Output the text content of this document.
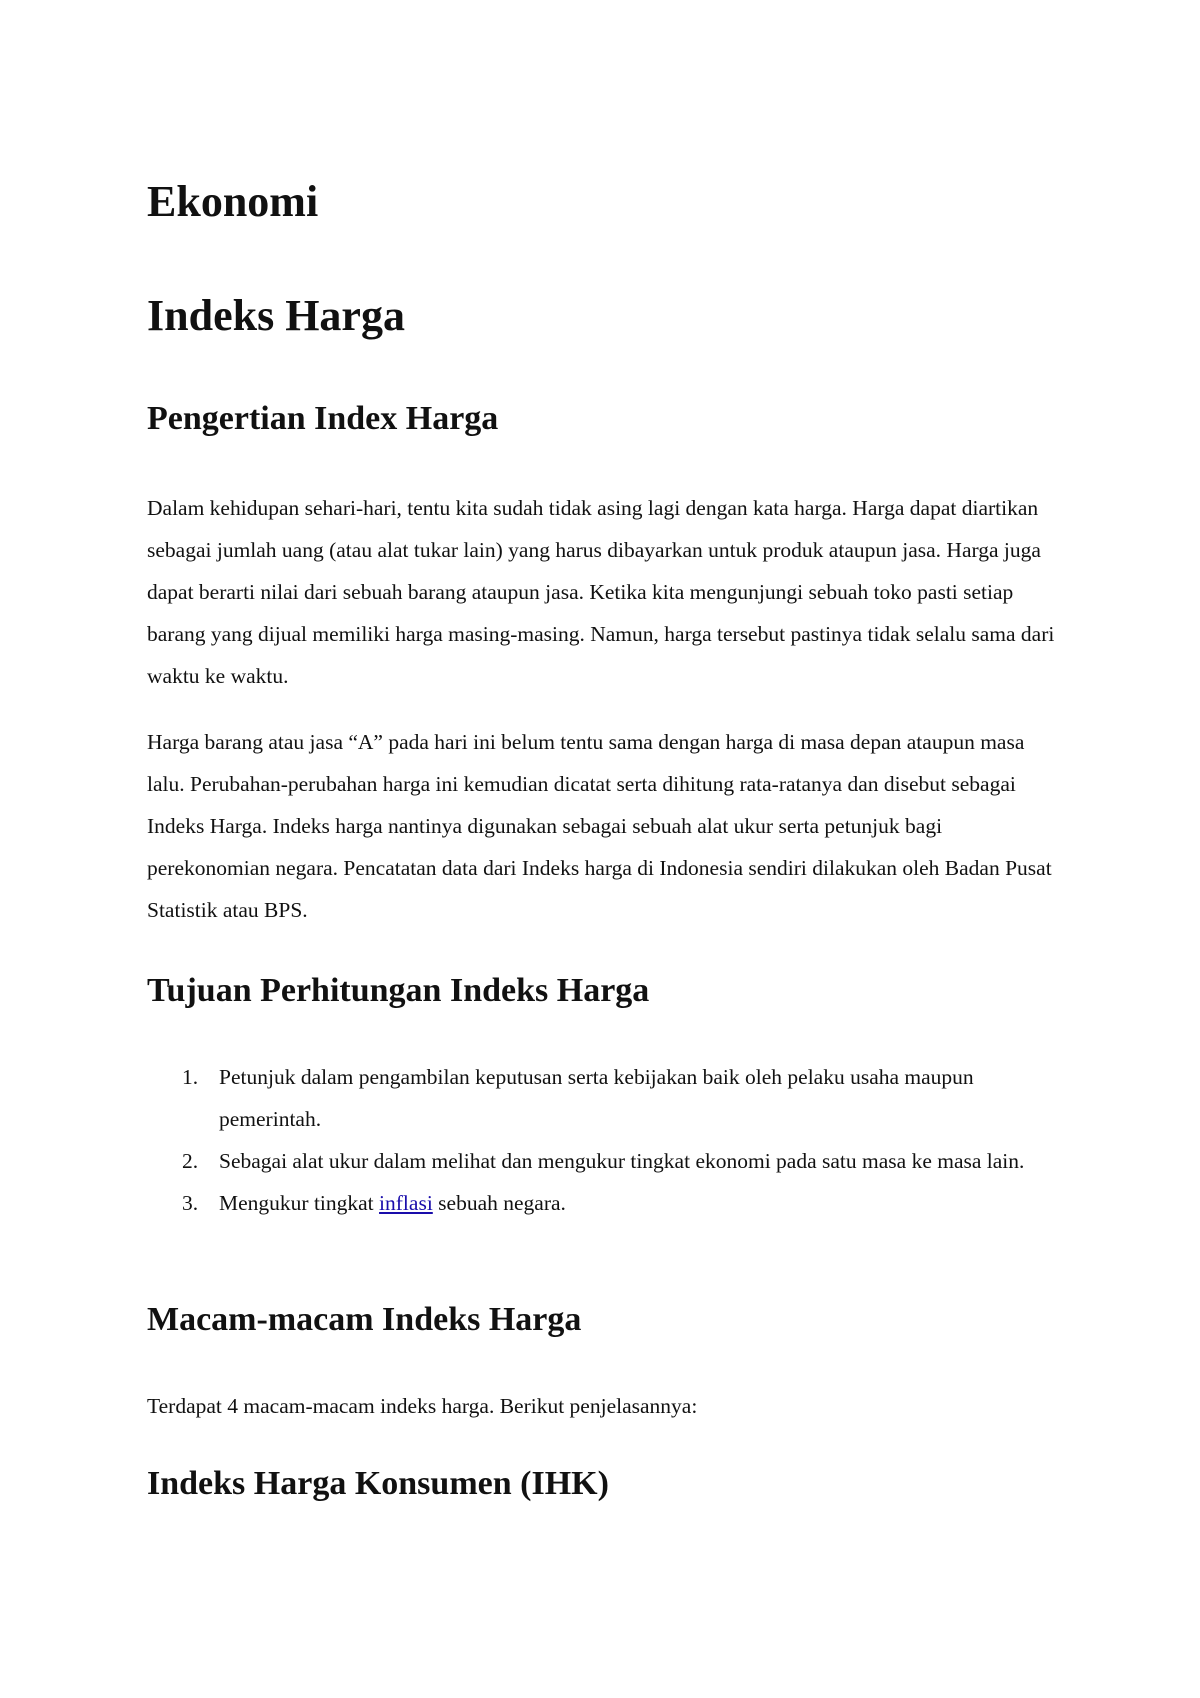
Ekonomi
Indeks Harga
Pengertian Index Harga

Dalam kehidupan sehari-hari, tentu kita sudah tidak asing lagi dengan kata harga. Harga dapat diartikan sebagai jumlah uang (atau alat tukar lain) yang harus dibayarkan untuk produk ataupun jasa. Harga juga dapat berarti nilai dari sebuah barang ataupun jasa. Ketika kita mengunjungi sebuah toko pasti setiap barang yang dijual memiliki harga masing-masing. Namun, harga tersebut pastinya tidak selalu sama dari waktu ke waktu.

Harga barang atau jasa “A” pada hari ini belum tentu sama dengan harga di masa depan ataupun masa lalu. Perubahan-perubahan harga ini kemudian dicatat serta dihitung rata-ratanya dan disebut sebagai Indeks Harga. Indeks harga nantinya digunakan sebagai sebuah alat ukur serta petunjuk bagi perekonomian negara. Pencatatan data dari Indeks harga di Indonesia sendiri dilakukan oleh Badan Pusat Statistik atau BPS.

Tujuan Perhitungan Indeks Harga
1. Petunjuk dalam pengambilan keputusan serta kebijakan baik oleh pelaku usaha maupun pemerintah.
2. Sebagai alat ukur dalam melihat dan mengukur tingkat ekonomi pada satu masa ke masa lain.
3. Mengukur tingkat inflasi sebuah negara.
Macam-macam Indeks Harga

Terdapat 4 macam-macam indeks harga. Berikut penjelasannya:

Indeks Harga Konsumen (IHK)
